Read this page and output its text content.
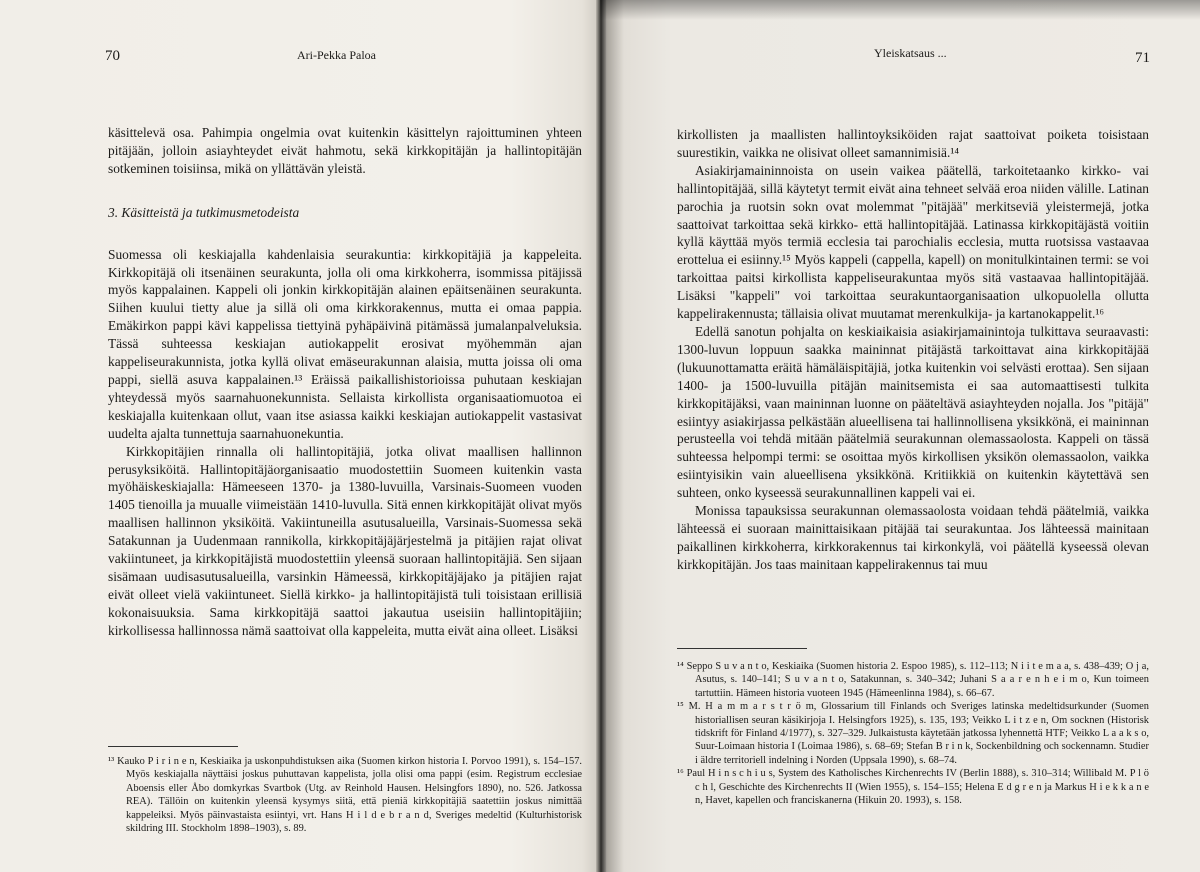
70	Ari-Pekka Paloa

käsittelevä osa. Pahimpia ongelmia ovat kuitenkin käsittelyn rajoittuminen yhteen pitäjään, jolloin asiayhteydet eivät hahmotu, sekä kirkkopitäjän ja hallintopitäjän sotkeminen toisiinsa, mikä on yllättävän yleistä.

3. Käsitteistä ja tutkimusmetodeista

Suomessa oli keskiajalla kahdenlaisia seurakuntia: kirkkopitäjiä ja kappeleita. Kirkkopitäjä oli itsenäinen seurakunta, jolla oli oma kirkkoherra, isommissa pitäjissä myös kappalainen. Kappeli oli jonkin kirkkopitäjän alainen epäitsenäinen seurakunta. Siihen kuului tietty alue ja sillä oli oma kirkkorakennus, mutta ei omaa pappia. Emäkirkon pappi kävi kappelissa tiettyinä pyhäpäivinä pitämässä jumalanpalveluksia. Tässä suhteessa keskiajan autiokappelit erosivat myöhemmän ajan kappeliseurakunnista, jotka kyllä olivat emäseurakunnan alaisia, mutta joissa oli oma pappi, siellä asuva kappalainen.¹³ Eräissä paikallishistorioissa puhutaan keskiajan yhteydessä myös saarnahuonekunnista. Sellaista kirkollista organisaatiomuotoa ei keskiajalla kuitenkaan ollut, vaan itse asiassa kaikki keskiajan autiokappelit vastasivat uudelta ajalta tunnettuja saarnahuonekuntia.

Kirkkopitäjien rinnalla oli hallintopitäjiä, jotka olivat maallisen hallinnon perusyksiköitä. Hallintopitäjäorganisaatio muodostettiin Suomeen kuitenkin vasta myöhäiskeskiajalla: Hämeeseen 1370- ja 1380-luvuilla, Varsinais-Suomeen vuoden 1405 tienoilla ja muualle viimeistään 1410-luvulla. Sitä ennen kirkkopitäjät olivat myös maallisen hallinnon yksiköitä. Vakiintuneilla asutusalueilla, Varsinais-Suomessa sekä Satakunnan ja Uudenmaan rannikolla, kirkkopitäjäjärjestelmä ja pitäjien rajat olivat vakiintuneet, ja kirkkopitäjistä muodostettiin yleensä suoraan hallintopitäjiä. Sen sijaan sisämaan uudisasutusalueilla, varsinkin Hämeessä, kirkkopitäjäjako ja pitäjien rajat eivät olleet vielä vakiintuneet. Siellä kirkko- ja hallintopitäjistä tuli toisistaan erillisiä kokonaisuuksia. Sama kirkkopitäjä saattoi jakautua useisiin hallintopitäjiin; kirkollisessa hallinnossa nämä saattoivat olla kappeleita, mutta eivät aina olleet. Lisäksi

¹³ Kauko P i r i n e n, Keskiaika ja uskonpuhdistuksen aika (Suomen kirkon historia I. Porvoo 1991), s. 154–157. Myös keskiajalla näyttäisi joskus puhuttavan kappelista, jolla olisi oma pappi (esim. Registrum ecclesiae Aboensis eller Åbo domkyrkas Svartbok (Utg. av Reinhold Hausen. Helsingfors 1890), no. 526. Jatkossa REA). Tällöin on kuitenkin yleensä kysymys siitä, että pieniä kirkkopitäjiä saatettiin joskus nimittää kappeleiksi. Myös päinvastaista esiintyi, vrt. Hans H i l d e b r a n d, Sveriges medeltid (Kulturhistorisk skildring III. Stockholm 1898–1903), s. 89.

Yleiskatsaus ...	71

kirkollisten ja maallisten hallintoyksiköiden rajat saattoivat poiketa toisistaan suurestikin, vaikka ne olisivat olleet samannimisiä.¹⁴

Asiakirjamaininnoista on usein vaikea päätellä, tarkoitetaanko kirkko- vai hallintopitäjää, sillä käytetyt termit eivät aina tehneet selvää eroa niiden välille. Latinan parochia ja ruotsin sokn ovat molemmat "pitäjää" merkitseviä yleistermejä, jotka saattoivat tarkoittaa sekä kirkko- että hallintopitäjää. Latinassa kirkkopitäjästä voitiin kyllä käyttää myös termiä ecclesia tai parochialis ecclesia, mutta ruotsissa vastaavaa erottelua ei esiinny.¹⁵ Myös kappeli (cappella, kapell) on monitulkintainen termi: se voi tarkoittaa paitsi kirkollista kappeliseurakuntaa myös sitä vastaavaa hallintopitäjää. Lisäksi "kappeli" voi tarkoittaa seurakuntaorganisaation ulkopuolella ollutta kappelirakennusta; tällaisia olivat muutamat merenkulkija- ja kartanokappelit.¹⁶

Edellä sanotun pohjalta on keskiaikaisia asiakirjamainintoja tulkittava seuraavasti: 1300-luvun loppuun saakka maininnat pitäjästä tarkoittavat aina kirkkopitäjää (lukuunottamatta eräitä hämäläispitäjiä, jotka kuitenkin voi selvästi erottaa). Sen sijaan 1400- ja 1500-luvuilla pitäjän mainitsemista ei saa automaattisesti tulkita kirkkopitäjäksi, vaan maininnan luonne on pääteltävä asiayhteyden nojalla. Jos "pitäjä" esiintyy asiakirjassa pelkästään alueellisena tai hallinnollisena yksikkönä, ei maininnan perusteella voi tehdä mitään päätelmiä seurakunnan olemassaolosta. Kappeli on tässä suhteessa helpompi termi: se osoittaa myös kirkollisen yksikön olemassaolon, vaikka esiintyisikin vain alueellisena yksikkönä. Kritiikkiä on kuitenkin käytettävä sen suhteen, onko kyseessä seurakunnallinen kappeli vai ei.

Monissa tapauksissa seurakunnan olemassaolosta voidaan tehdä päätelmiä, vaikka lähteessä ei suoraan mainittaisikaan pitäjää tai seurakuntaa. Jos lähteessä mainitaan paikallinen kirkkoherra, kirkkorakennus tai kirkonkylä, voi päätellä kyseessä olevan kirkkopitäjän. Jos taas mainitaan kappelirakennus tai muu

¹⁴ Seppo S u v a n t o, Keskiaika (Suomen historia 2. Espoo 1985), s. 112–113; N i i t e m a a, s. 438–439; O j a, Asutus, s. 140–141; S u v a n t o, Satakunnan, s. 340–342; Juhani S a a r e n h e i m o, Kun toimeen tartuttiin. Hämeen historia vuoteen 1945 (Hämeenlinna 1984), s. 66–67.

¹⁵ M. H a m m a r s t r ö m, Glossarium till Finlands och Sveriges latinska medeltidsurkunder (Suomen historiallisen seuran käsikirjoja I. Helsingfors 1925), s. 135, 193; Veikko L i t z e n, Om socknen (Historisk tidskrift för Finland 4/1977), s. 327–329. Julkaistusta käytetään jatkossa lyhennettä HTF; Veikko L a a k s o, Suur-Loimaan historia I (Loimaa 1986), s. 68–69; Stefan B r i n k, Sockenbildning och sockennamn. Studier i äldre territoriell indelning i Norden (Uppsala 1990), s. 68–74.

¹⁶ Paul H i n s c h i u s, System des Katholisches Kirchenrechts IV (Berlin 1888), s. 310–314; Willibald M. P l ö c h l, Geschichte des Kirchenrechts II (Wien 1955), s. 154–155; Helena E d g r e n ja Markus H i e k k a n e n, Havet, kapellen och franciskanerna (Hikuin 20. 1993), s. 158.
